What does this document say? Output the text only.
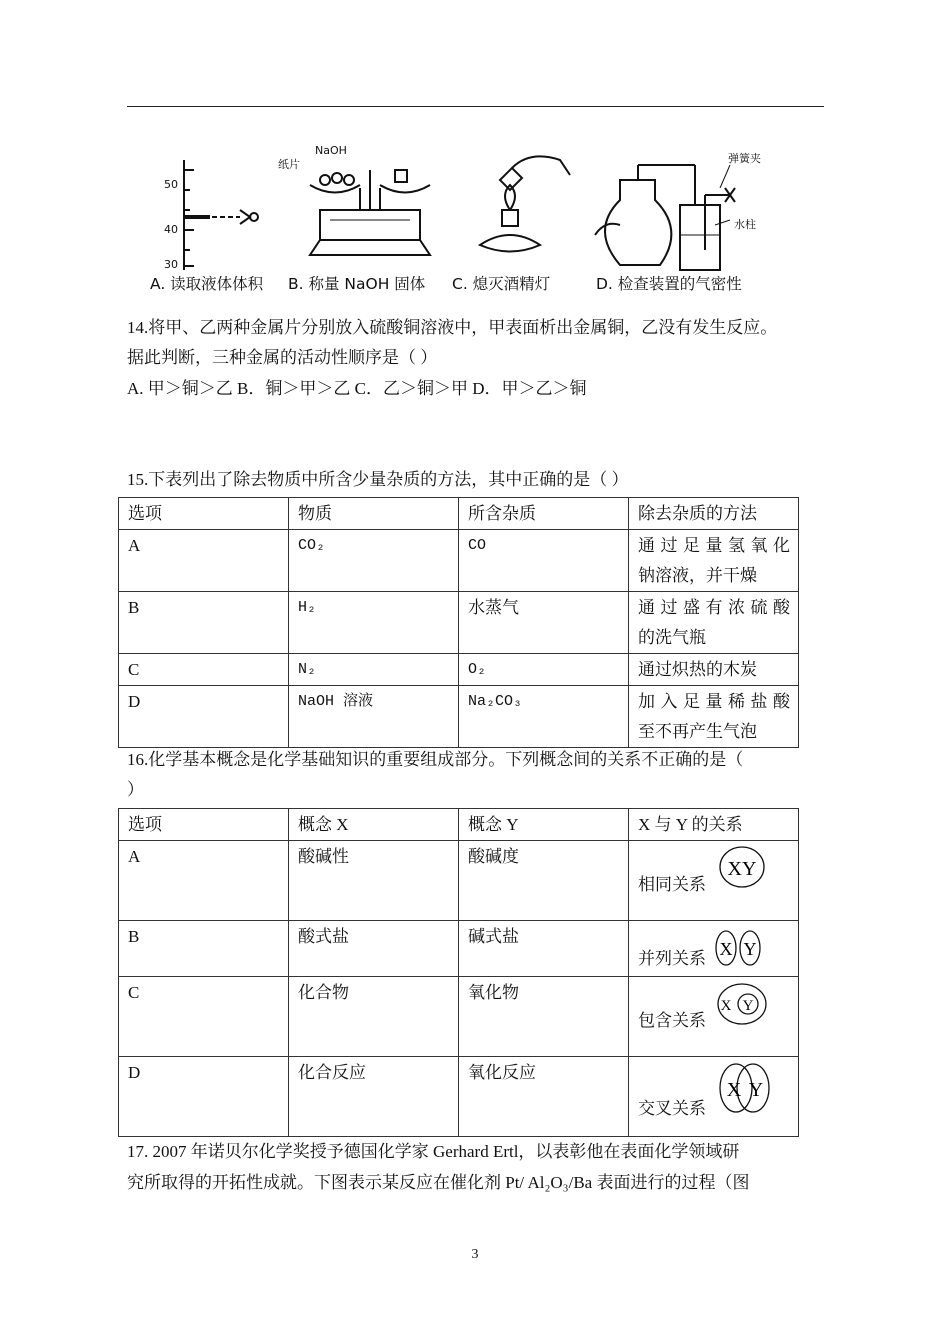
50
40
30
纸片
NaOH
弹簧夹
水柱
A. 读取液体体积 B. 称量 NaOH 固体 C. 熄灭酒精灯	D. 检查装置的气密性
14.将甲、乙两种金属片分别放入硫酸铜溶液中，甲表面析出金属铜，乙没有发生反应。
据此判断，三种金属的活动性顺序是（ ）
A. 甲＞铜＞乙 B．铜＞甲＞乙 C．乙＞铜＞甲 D．甲＞乙＞铜
15.下表列出了除去物质中所含少量杂质的方法，其中正确的是（ ）
选项	物质	所含杂质	除去杂质的方法
A	CO₂	CO	通过足量氢氧化
钠溶液，并干燥

B	H₂	水蒸气	通过盛有浓硫酸
的洗气瓶

C	N₂	O₂	通过炽热的木炭
D	NaOH 溶液	Na₂CO₃	加入足量稀盐酸
至不再产生气泡
16.化学基本概念是化学基础知识的重要组成部分。下列概念间的关系不正确的是（
）
选项	概念 X	概念 Y	X 与 Y 的关系
A	酸碱性	酸碱度	相同关系
XY

B	酸式盐	碱式盐	并列关系 X Y

C	化合物	氧化物	包含关系
X Y

D	化合反应	氧化反应	交叉关系
X Y
17. 2007 年诺贝尔化学奖授予德国化学家 Gerhard Ertl，以表彰他在表面化学领域研
究所取得的开拓性成就。下图表示某反应在催化剂 Pt/ Al₂O₃/Ba 表面进行的过程（图
3
